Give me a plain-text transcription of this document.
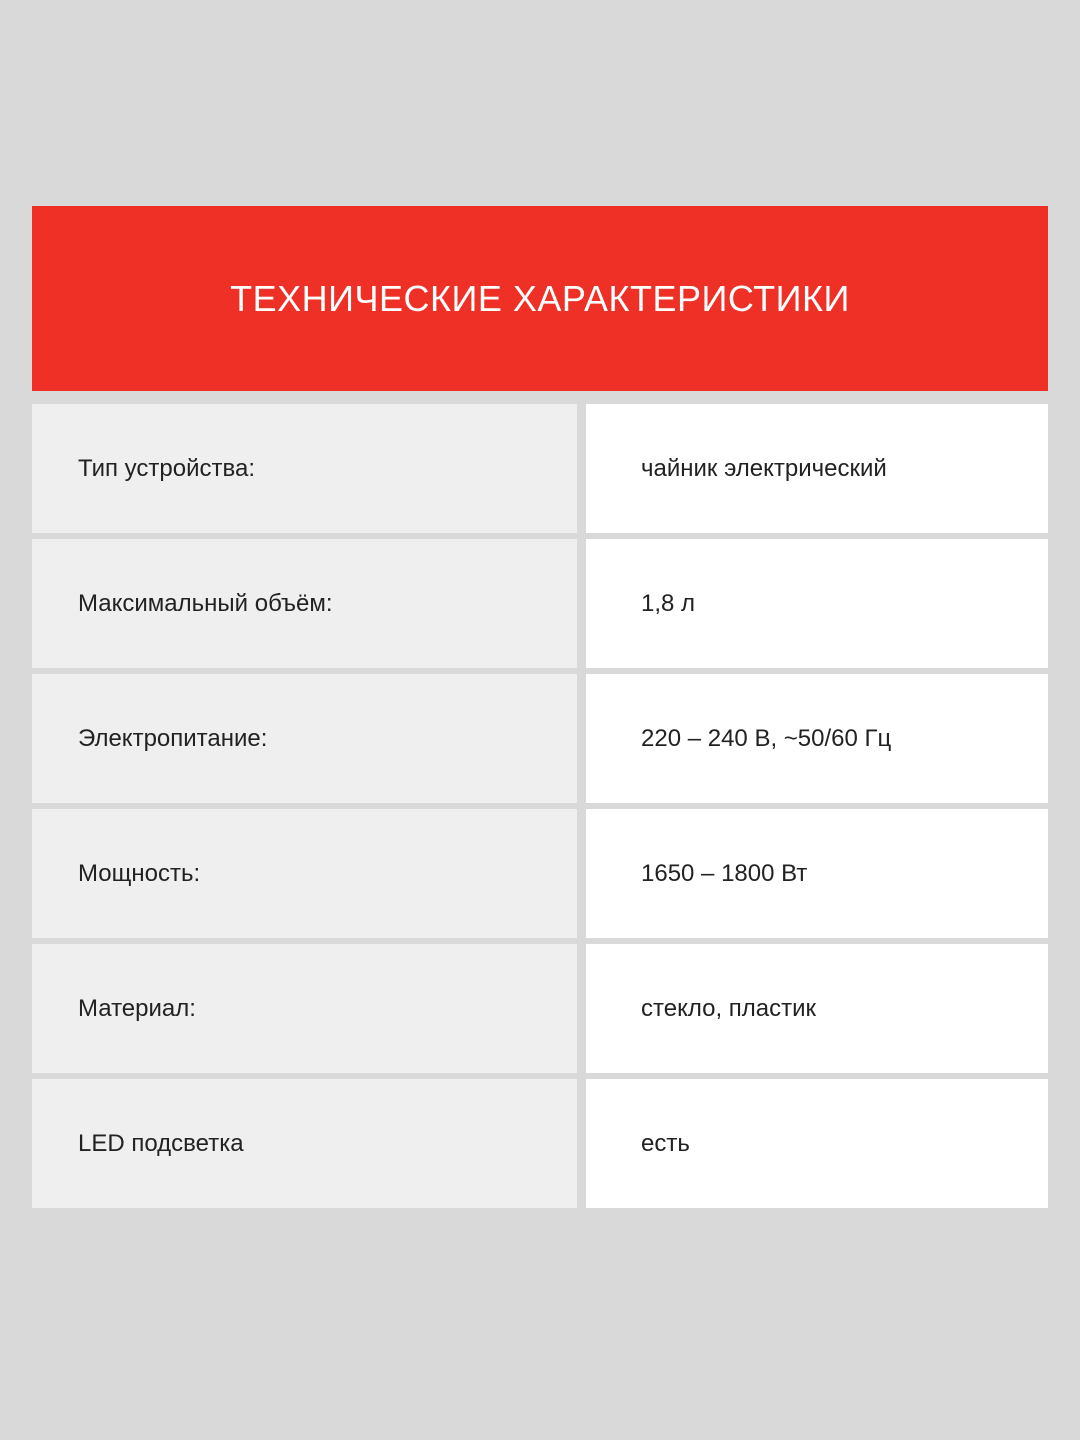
ТЕХНИЧЕСКИЕ ХАРАКТЕРИСТИКИ
Тип устройства:	чайник электрический
Максимальный объём:	1,8 л
Электропитание:	220 – 240 В, ~50/60 Гц
Мощность:	1650 – 1800 Вт
Материал:	стекло, пластик
LED подсветка	есть
